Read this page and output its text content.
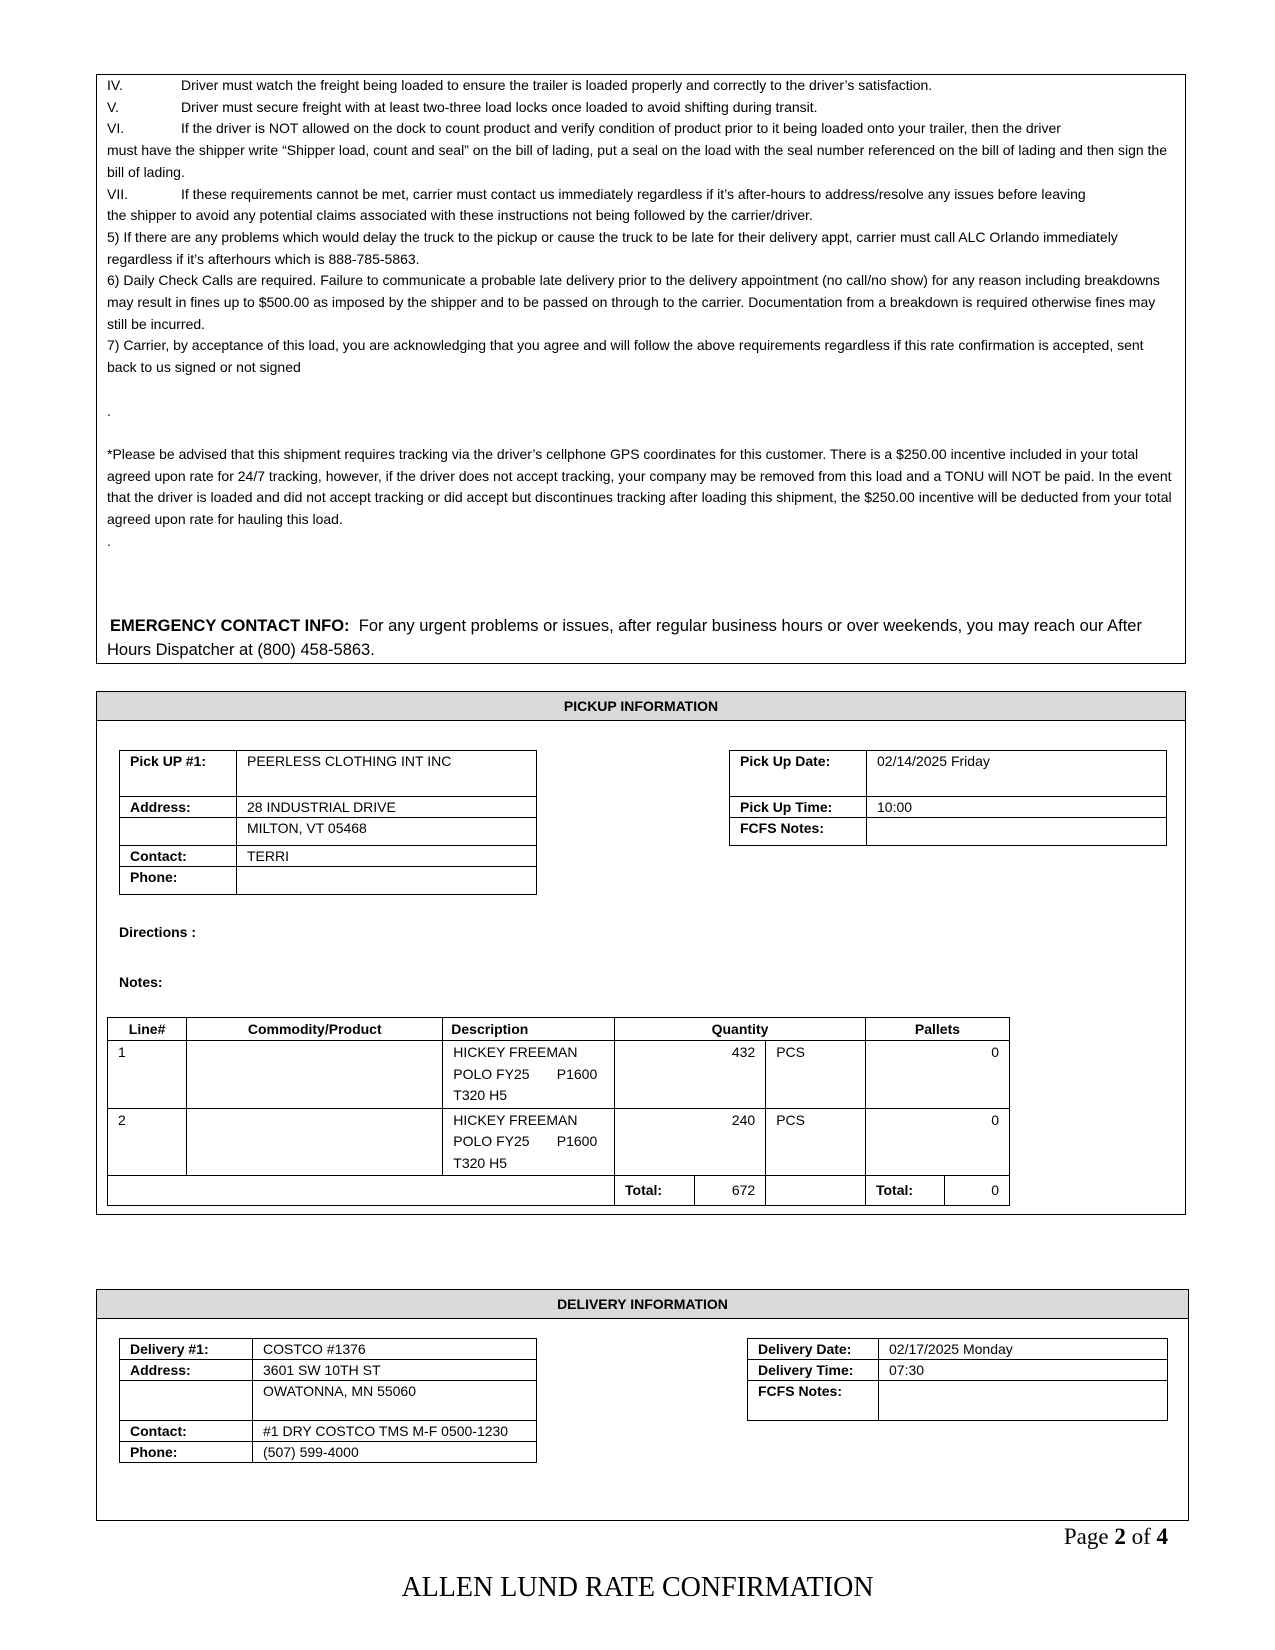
IV.	Driver must watch the freight being loaded to ensure the trailer is loaded properly and correctly to the driver’s satisfaction.
V.	Driver must secure freight with at least two-three load locks once loaded to avoid shifting during transit.
VI.	If the driver is NOT allowed on the dock to count product and verify condition of product prior to it being loaded onto your trailer, then the driver

must have the shipper write “Shipper load, count and seal” on the bill of lading, put a seal on the load with the seal number referenced on the bill of lading and then sign the bill of lading.

VII.	If these requirements cannot be met, carrier must contact us immediately regardless if it’s after-hours to address/resolve any issues before leaving

the shipper to avoid any potential claims associated with these instructions not being followed by the carrier/driver.

5) If there are any problems which would delay the truck to the pickup or cause the truck to be late for their delivery appt, carrier must call ALC Orlando immediately regardless if it’s afterhours which is 888-785-5863.

6) Daily Check Calls are required. Failure to communicate a probable late delivery prior to the delivery appointment (no call/no show) for any reason including breakdowns may result in fines up to $500.00 as imposed by the shipper and to be passed on through to the carrier. Documentation from a breakdown is required otherwise fines may still be incurred.

7) Carrier, by acceptance of this load, you are acknowledging that you agree and will follow the above requirements regardless if this rate confirmation is accepted, sent back to us signed or not signed

.

*Please be advised that this shipment requires tracking via the driver’s cellphone GPS coordinates for this customer. There is a $250.00 incentive included in your total agreed upon rate for 24/7 tracking, however, if the driver does not accept tracking, your company may be removed from this load and a TONU will NOT be paid. In the event that the driver is loaded and did not accept tracking or did accept but discontinues tracking after loading this shipment, the $250.00 incentive will be deducted from your total agreed upon rate for hauling this load.

.

EMERGENCY CONTACT INFO: For any urgent problems or issues, after regular business hours or over weekends, you may reach our After Hours Dispatcher at (800) 458-5863.

PICKUP INFORMATION
Pick UP #1:	PEERLESS CLOTHING INT INC
Address:	28 INDUSTRIAL DRIVE
	MILTON, VT 05468
Contact:	TERRI
Phone:	
Pick Up Date:	02/14/2025 Friday
Pick Up Time:	10:00
FCFS Notes:	
Directions :
Notes:
Line#	Commodity/Product	Description	Quantity		Pallets	
1		HICKEY FREEMAN
POLO FY25       P1600
T320 H5	432	PCS	0	
2		HICKEY FREEMAN
POLO FY25       P1600
T320 H5	240	PCS	0	

			Total: 672		Total:	0
DELIVERY INFORMATION
Delivery #1:	COSTCO #1376
Address:	3601 SW 10TH ST
	OWATONNA, MN 55060
Contact:	#1 DRY COSTCO TMS M-F 0500-1230
Phone:	(507) 599-4000
Delivery Date:	02/17/2025 Monday
Delivery Time:	07:30
FCFS Notes:	
Page 2 of 4
ALLEN LUND RATE CONFIRMATION
